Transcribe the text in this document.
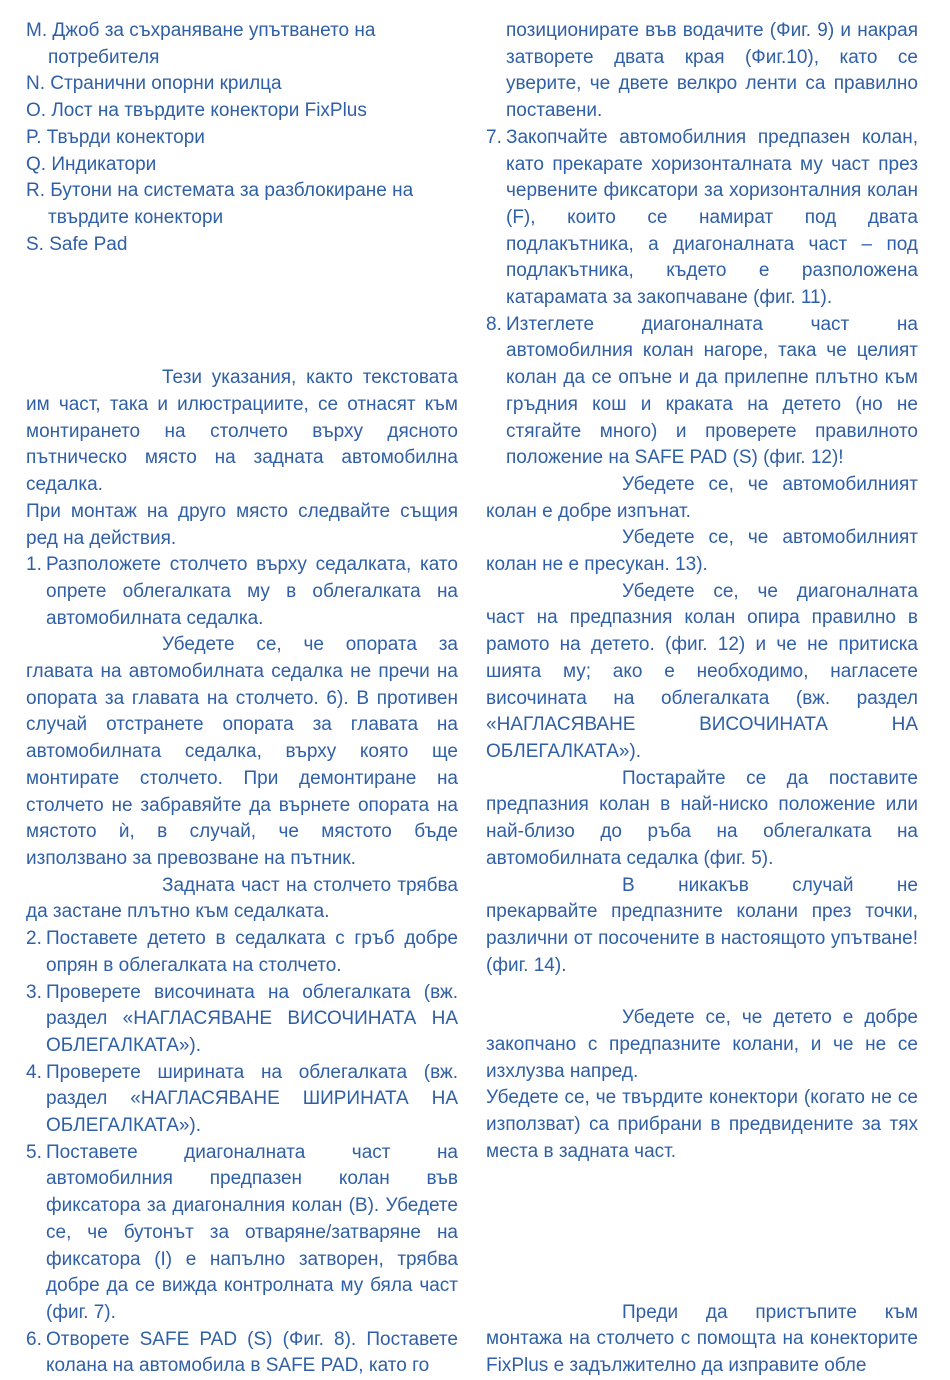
M. Джоб за съхраняване упътването на потребителя
N. Странични опорни крилца
O. Лост на твърдите конектори FixPlus
P. Твърди конектори
Q. Индикатори
R. Бутони на системата за разблокиране на твърдите конектори
S. Safe Pad

Тези указания, както текстовата им част, така и илюстрациите, се отнасят към монтирането на столчето върху дясното пътническо място на задната автомобилна седалка.

При монтаж на друго място следвайте същия ред на действия.

1. Разположете столчето върху седалката, като опрете облегалката му в облегалката на автомобилната седалка.

Убедете се, че опората за главата на автомобилната седалка не пречи на опората за главата на столчето. 6). В противен случай отстранете опората за главата на автомобилната седалка, върху която ще монтирате столчето. При демонтиране на столчето не забравяйте да върнете опората на мястото ѝ, в случай, че мястото бъде използвано за превозване на пътник.

Задната част на столчето трябва да застане плътно към седалката.

2. Поставете детето в седалката с гръб добре опрян в облегалката на столчето.
3. Проверете височината на облегалката (вж. раздел «НАГЛАСЯВАНЕ ВИСОЧИНАТА НА ОБЛЕГАЛКАТА»).
4. Проверете ширината на облегалката (вж. раздел «НАГЛАСЯВАНЕ ШИРИНАТА НА ОБЛЕГАЛКАТА»).
5. Поставете диагоналната част на автомобилния предпазен колан във фиксатора за диагоналния колан (B). Убедете се, че бутонът за отваряне/затваряне на фиксатора (I) е напълно затворен, трябва добре да се вижда контролната му бяла част (фиг. 7).
6. Отворете SAFE PAD (S) (Фиг. 8). Поставете колана на автомобила в SAFE PAD, като го
позиционирате във водачите (Фиг. 9) и накрая затворете двата края (Фиг.10), като се уверите, че двете велкро ленти са правилно поставени.
7. Закопчайте автомобилния предпазен колан, като прекарате хоризонталната му част през червените фиксатори за хоризонталния колан (F), които се намират под двата подлакътника, а диагоналната част – под подлакътника, където е разположена катарамата за закопчаване (фиг. 11).
8. Изтеглете диагоналната част на автомобилния колан нагоре, така че целият колан да се опъне и да прилепне плътно към гръдния кош и краката на детето (но не стягайте много) и проверете правилното положение на SAFE PAD (S) (фиг. 12)!

Убедете се, че автомобилният колан е добре изпънат.

Убедете се, че автомобилният колан не е пресукан. 13).

Убедете се, че диагоналната част на предпазния колан опира правилно в рамото на детето. (фиг. 12) и че не притиска шията му; ако е необходимо, нагласете височината на облегалката (вж. раздел «НАГЛАСЯВАНЕ ВИСОЧИНАТА НА ОБЛЕГАЛКАТА»).

Постарайте се да поставите предпазния колан в най-ниско положение или най-близо до ръба на облегалката на автомобилната седалка (фиг. 5).

В никакъв случай не прекарвайте предпазните колани през точки, различни от посочените в настоящото упътване! (фиг. 14).

Убедете се, че детето е добре закопчано с предпазните колани, и че не се изхлузва напред.

Убедете се, че твърдите конектори (когато не се използват) са прибрани в предвидените за тях места в задната част.

Преди да пристъпите към монтажа на столчето с помощта на конекторите FixPlus е задължително да изправите обле
